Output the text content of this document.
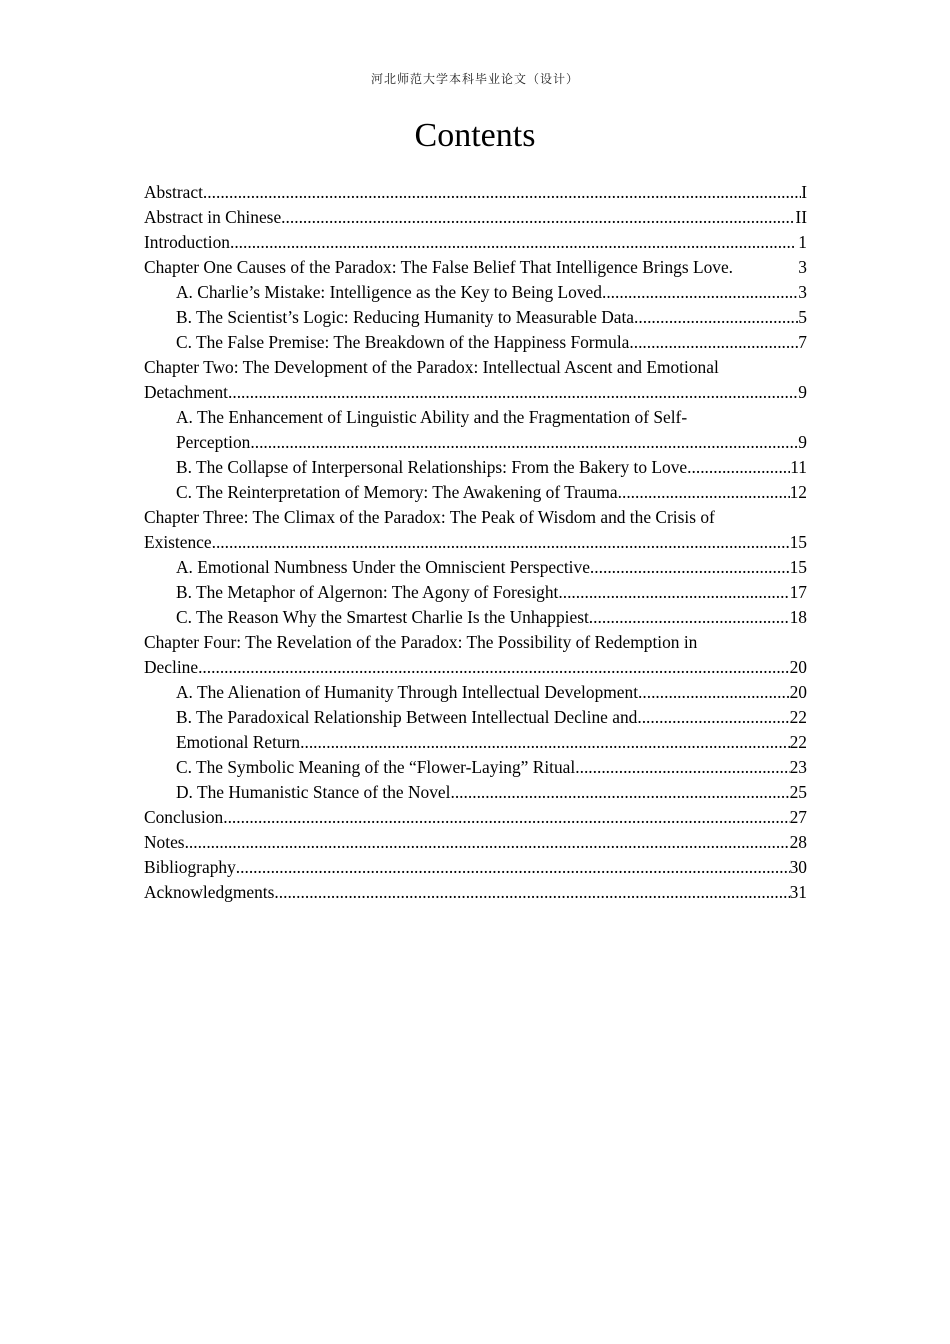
河北师范大学本科毕业论文（设计）
Contents
Abstract .....	I
Abstract in Chinese .....	II
Introduction .....	1
Chapter One Causes of the Paradox: The False Belief That Intelligence Brings Love.	3
A. Charlie’s Mistake: Intelligence as the Key to Being Loved .....	3
B. The Scientist’s Logic: Reducing Humanity to Measurable Data .....	5
C. The False Premise: The Breakdown of the Happiness Formula .....	7
Chapter Two: The Development of the Paradox: Intellectual Ascent and Emotional
Detachment .....	9
A. The Enhancement of Linguistic Ability and the Fragmentation of Self-
Perception .....	9
B. The Collapse of Interpersonal Relationships: From the Bakery to Love .....	11
C. The Reinterpretation of Memory: The Awakening of Trauma .....	12
Chapter Three: The Climax of the Paradox: The Peak of Wisdom and the Crisis of
Existence .....	15
A. Emotional Numbness Under the Omniscient Perspective .....	15
B. The Metaphor of Algernon: The Agony of Foresight .....	17
C. The Reason Why the Smartest Charlie Is the Unhappiest .....	18
Chapter Four: The Revelation of the Paradox: The Possibility of Redemption in
Decline .....	20
A. The Alienation of Humanity Through Intellectual Development .....	20
B. The Paradoxical Relationship Between Intellectual Decline and .....	22
Emotional Return .....	22
C. The Symbolic Meaning of the “Flower-Laying” Ritual .....	23
D. The Humanistic Stance of the Novel .....	25
Conclusion .....	27
Notes .....	28
Bibliography .....	30
Acknowledgments .....	31
